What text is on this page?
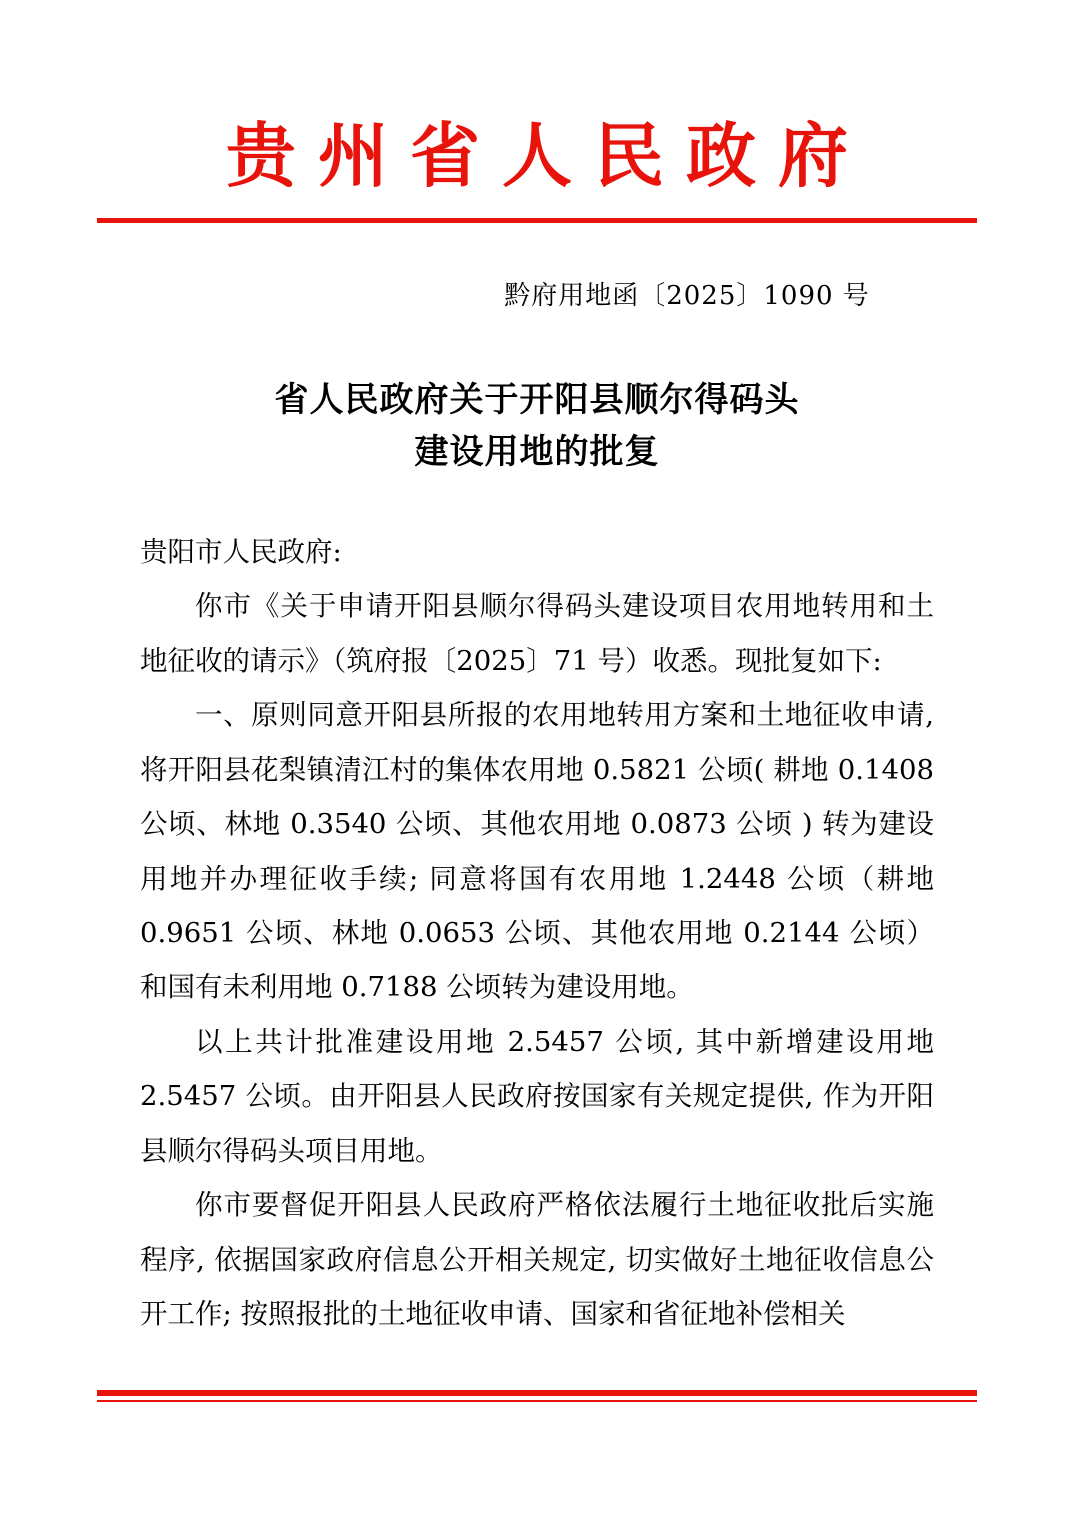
贵州省人民政府
黔府用地函〔2025〕1090 号
省人民政府关于开阳县顺尔得码头
建设用地的批复

贵阳市人民政府:

你市《关于申请开阳县顺尔得码头建设项目农用地转用和土地征收的请示》（筑府报〔2025〕71 号）收悉。现批复如下:

一、原则同意开阳县所报的农用地转用方案和土地征收申请,将开阳县花梨镇清江村的集体农用地 0.5821 公顷( 耕地 0.1408 公顷、林地 0.3540 公顷、其他农用地 0.0873 公顷 ) 转为建设用地并办理征收手续; 同意将国有农用地 1.2448 公顷（耕地 0.9651 公顷、林地 0.0653 公顷、其他农用地 0.2144 公顷）和国有未利用地 0.7188 公顷转为建设用地。

以上共计批准建设用地 2.5457 公顷, 其中新增建设用地 2.5457 公顷。由开阳县人民政府按国家有关规定提供, 作为开阳县顺尔得码头项目用地。

你市要督促开阳县人民政府严格依法履行土地征收批后实施程序, 依据国家政府信息公开相关规定, 切实做好土地征收信息公开工作; 按照报批的土地征收申请、国家和省征地补偿相关
